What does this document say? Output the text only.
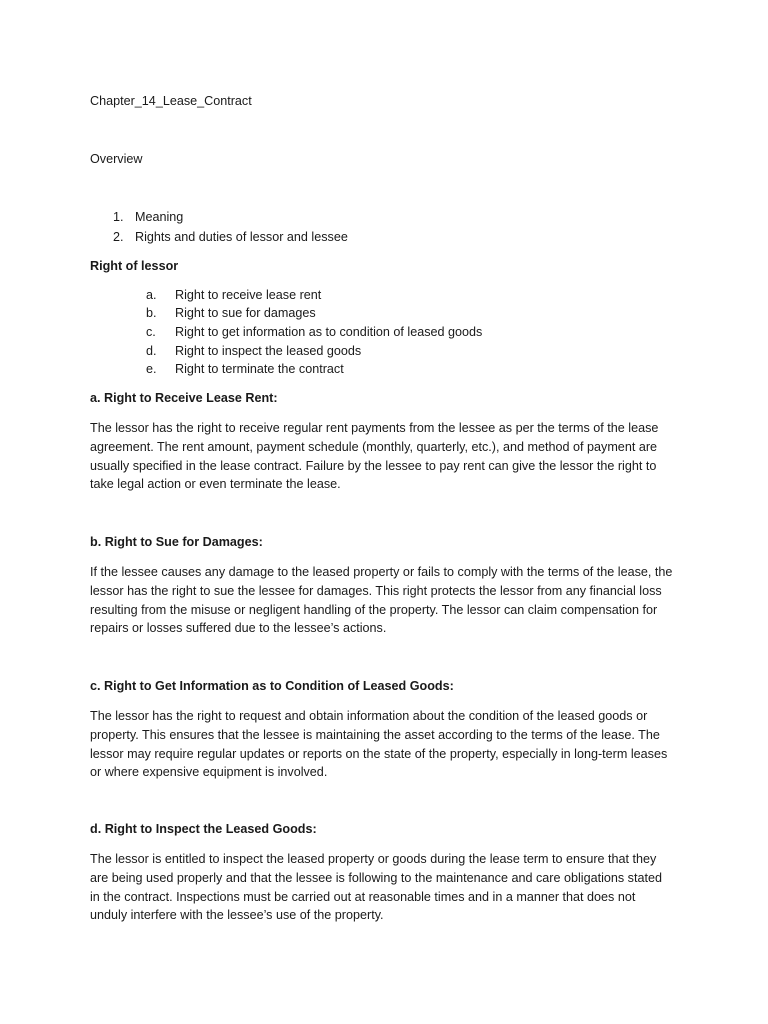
Chapter_14_Lease_Contract
Overview
1. Meaning
2. Rights and duties of lessor and lessee
Right of lessor
a. Right to receive lease rent
b. Right to sue for damages
c. Right to get information as to condition of leased goods
d. Right to inspect the leased goods
e. Right to terminate the contract
a. Right to Receive Lease Rent:
The lessor has the right to receive regular rent payments from the lessee as per the terms of the lease
agreement. The rent amount, payment schedule (monthly, quarterly, etc.), and method of payment are
usually specified in the lease contract. Failure by the lessee to pay rent can give the lessor the right to
take legal action or even terminate the lease.
b. Right to Sue for Damages:
If the lessee causes any damage to the leased property or fails to comply with the terms of the lease, the
lessor has the right to sue the lessee for damages. This right protects the lessor from any financial loss
resulting from the misuse or negligent handling of the property. The lessor can claim compensation for
repairs or losses suffered due to the lessee’s actions.
c. Right to Get Information as to Condition of Leased Goods:
The lessor has the right to request and obtain information about the condition of the leased goods or
property. This ensures that the lessee is maintaining the asset according to the terms of the lease. The
lessor may require regular updates or reports on the state of the property, especially in long-term leases
or where expensive equipment is involved.
d. Right to Inspect the Leased Goods:
The lessor is entitled to inspect the leased property or goods during the lease term to ensure that they
are being used properly and that the lessee is following to the maintenance and care obligations stated
in the contract. Inspections must be carried out at reasonable times and in a manner that does not
unduly interfere with the lessee’s use of the property.
